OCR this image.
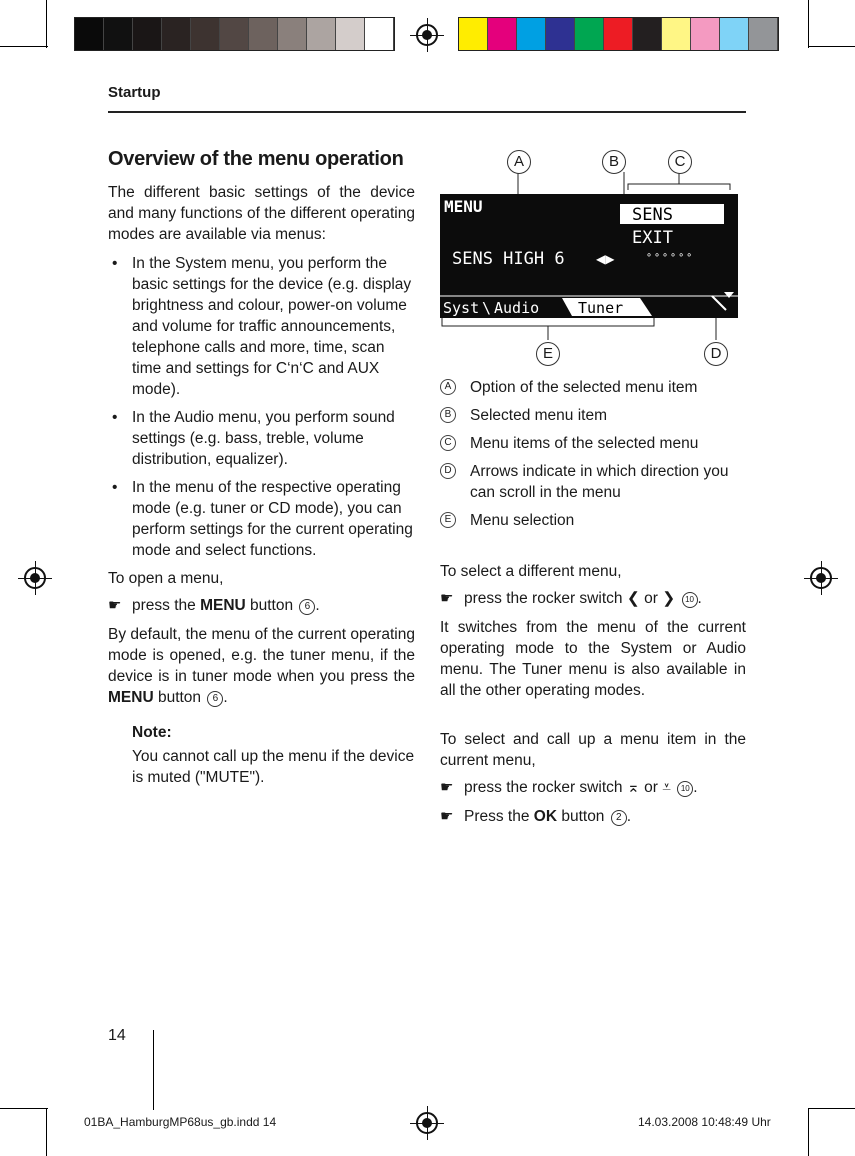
Startup
Overview of the menu operation

The different basic settings of the device and many functions of the different operating modes are available via menus:

• In the System menu, you perform the basic settings for the device (e.g. display brightness and colour, power-on volume and volume for traffic announcements, telephone calls and more, time, scan time and settings for C‘n‘C and AUX mode).
• In the Audio menu, you perform sound settings (e.g. bass, treble, volume distribution, equalizer).
• In the menu of the respective operating mode (e.g. tuner or CD mode), you can perform settings for the current operating mode and select functions.

To open a menu,

☛ press the MENU button 6 .

By default, the menu of the current operating mode is opened, e.g. the tuner menu, if the device is in tuner mode when you press the MENU button 6 .

Note:
You cannot call up the menu if the device is muted ("MUTE").
MENU	SENS
EXIT
SENS HIGH 6	◀▶	∘∘∘∘∘∘
Syst \ Audio	Tuner
A	B	C
E	D
A	Option of the selected menu item
B	Selected menu item
C Menu items of the selected menu
D Arrows indicate in which direction you can scroll in the menu
E	Menu selection

To select a different menu,

☛ press the rocker switch ❮ or ❯ 10 .

It switches from the menu of the current operating mode to the System or Audio menu. The Tuner menu is also available in all the other operating modes.

To select and call up a menu item in the current menu,

☛ press the rocker switch ⌅ or ⩡ 10 .
☛ Press the OK button 2 .
14
01BA_HamburgMP68us_gb.indd 14	14.03.2008 10:48:49 Uhr
